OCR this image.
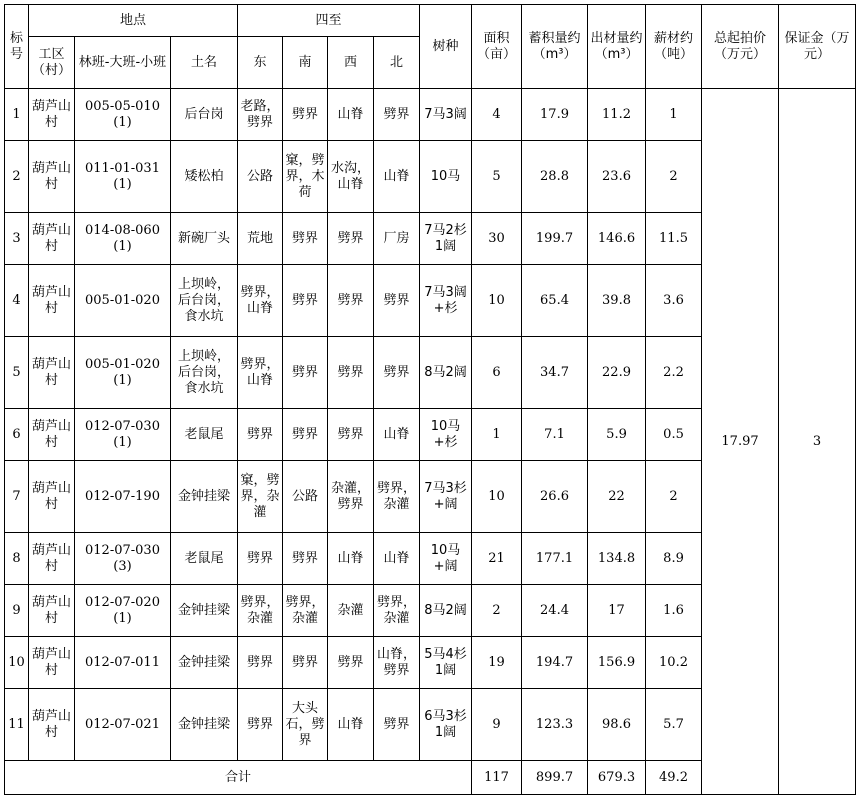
标号	地点			四至				树种	面积（亩）	蓄积量约（m³）	出材量约（m³）	薪材约（吨）	总起拍价（万元）	保证金（万元）
	工区（村）	林班-大班-小班	土名	东	南	西	北							
1	葫芦山村	005-05-010(1)	后台岗	老路，劈界	劈界	山脊	劈界	7马3阔	4	17.9	11.2	1	17.97	3
2	葫芦山村	011-01-031(1)	矮松柏	公路	窠，劈界，木荷	水沟，山脊	山脊	10马	5	28.8	23.6	2		
3	葫芦山村	014-08-060(1)	新碗厂头	荒地	劈界	劈界	厂房	7马2杉1阔	30	199.7	146.6	11.5		
4	葫芦山村	005-01-020	上坝岭，后台岗，食水坑	劈界，山脊	劈界	劈界	劈界	7马3阔+杉	10	65.4	39.8	3.6		
5	葫芦山村	005-01-020(1)	上坝岭，后台岗，食水坑	劈界，山脊	劈界	劈界	劈界	8马2阔	6	34.7	22.9	2.2		
6	葫芦山村	012-07-030(1)	老鼠尾	劈界	劈界	劈界	山脊	10马+杉	1	7.1	5.9	0.5		
7	葫芦山村	012-07-190	金钟挂梁	窠，劈界，杂灌	公路	杂灌，劈界	劈界，杂灌	7马3杉+阔	10	26.6	22	2		
8	葫芦山村	012-07-030(3)	老鼠尾	劈界	劈界	山脊	山脊	10马+阔	21	177.1	134.8	8.9		
9	葫芦山村	012-07-020(1)	金钟挂梁	劈界，杂灌	劈界，杂灌	杂灌	劈界，杂灌	8马2阔	2	24.4	17	1.6		
10	葫芦山村	012-07-011	金钟挂梁	劈界	劈界	劈界	山脊，劈界	5马4杉1阔	19	194.7	156.9	10.2		
11	葫芦山村	012-07-021	金钟挂梁	劈界	大头石，劈界	山脊	劈界	6马3杉1阔	9	123.3	98.6	5.7		
合计									117	899.7	679.3	49.2		
